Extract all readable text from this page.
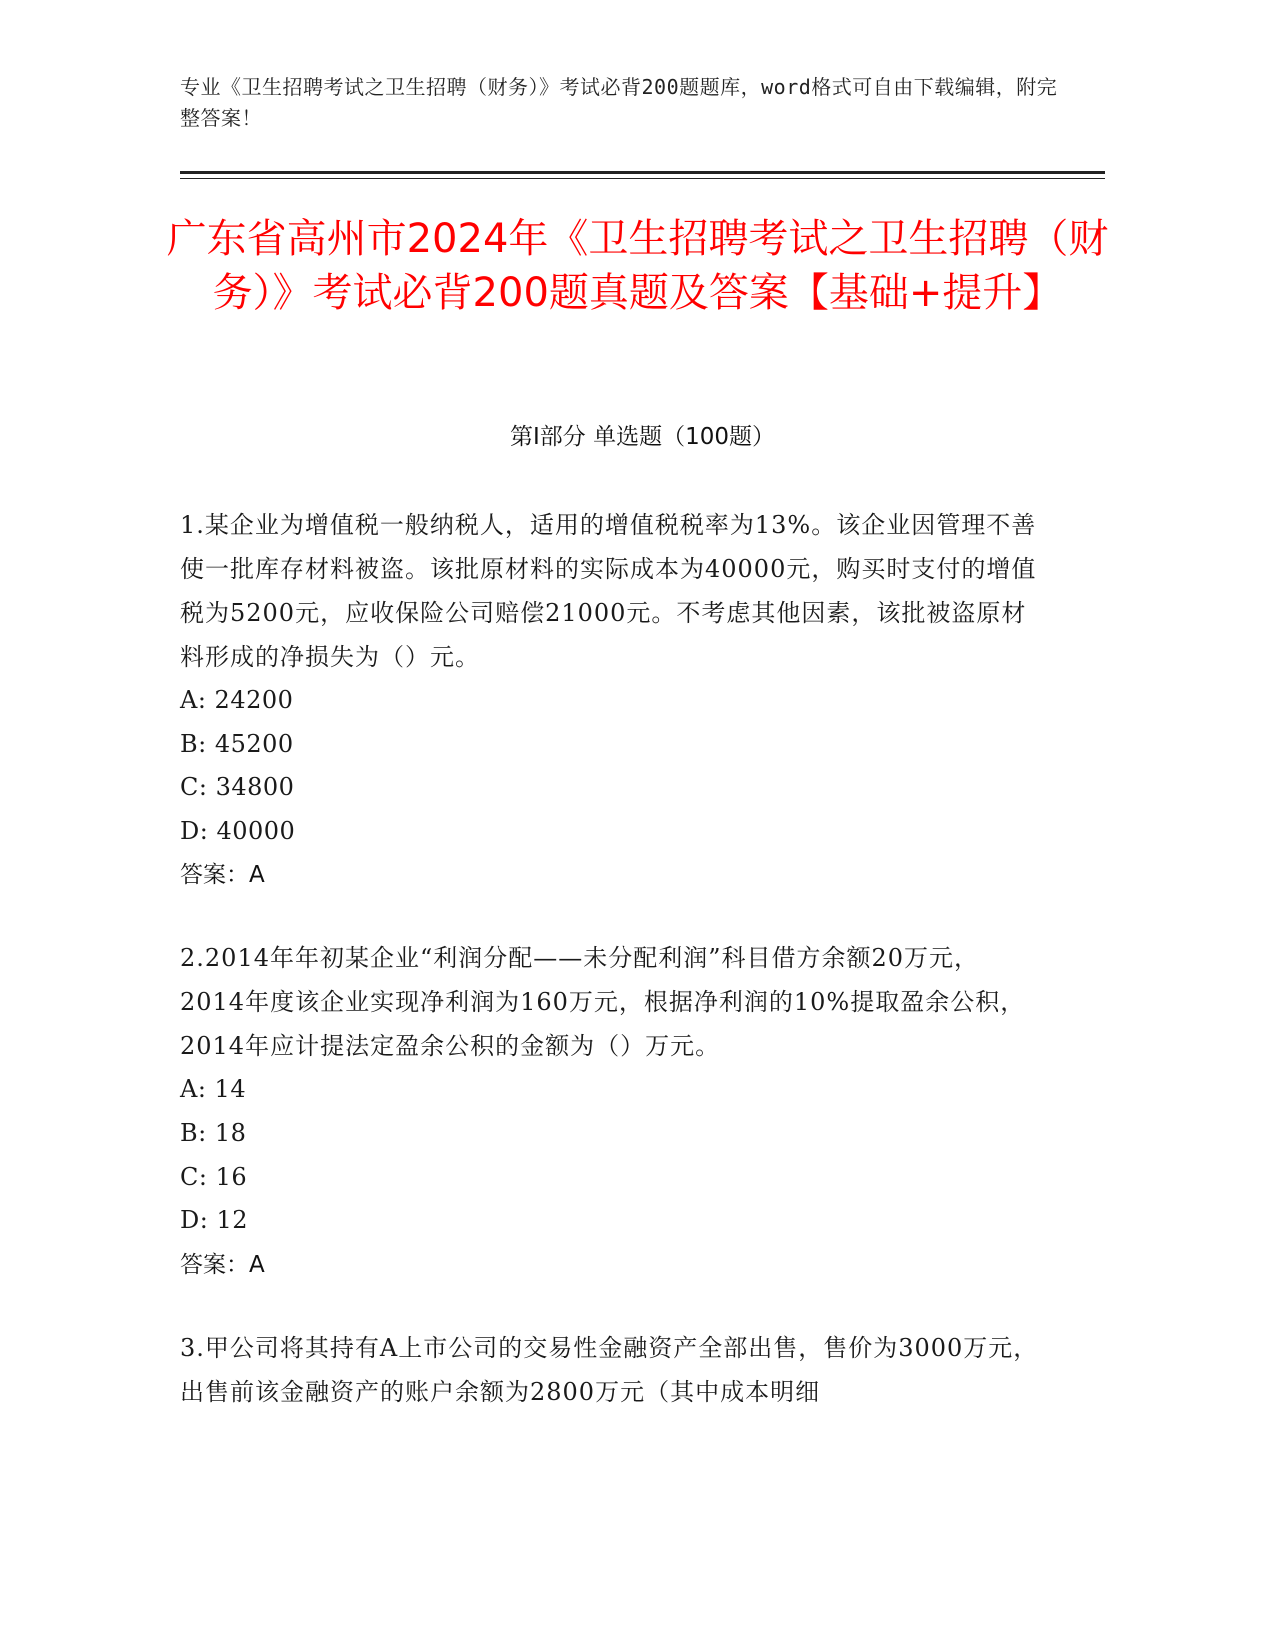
专业《卫生招聘考试之卫生招聘（财务）》考试必背200题题库，word格式可自由下载编辑，附完整答案！
广东省高州市2024年《卫生招聘考试之卫生招聘（财务）》考试必背200题真题及答案【基础+提升】
第I部分 单选题（100题）

1.某企业为增值税一般纳税人，适用的增值税税率为13%。该企业因管理不善使一批库存材料被盗。该批原材料的实际成本为40000元，购买时支付的增值税为5200元，应收保险公司赔偿21000元。不考虑其他因素，该批被盗原材料形成的净损失为（）元。

A: 24200

B: 45200

C: 34800

D: 40000

答案：A

2.2014年年初某企业“利润分配——未分配利润”科目借方余额20万元，2014年度该企业实现净利润为160万元，根据净利润的10%提取盈余公积，2014年应计提法定盈余公积的金额为（）万元。

A: 14

B: 18

C: 16

D: 12

答案：A

3.甲公司将其持有A上市公司的交易性金融资产全部出售，售价为3000万元，出售前该金融资产的账户余额为2800万元（其中成本明细
